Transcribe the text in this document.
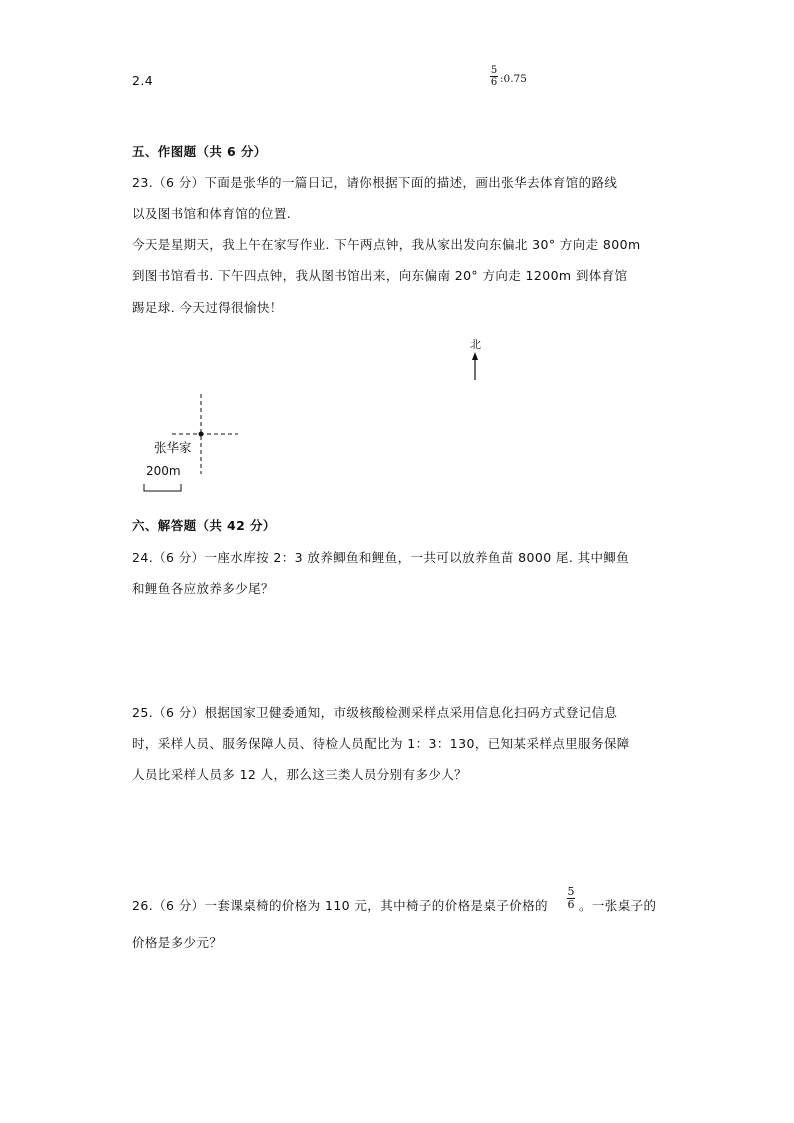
2.4
5
6 :0.75
五、作图题（共 6 分）
23.（6 分）下面是张华的一篇日记，请你根据下面的描述，画出张华去体育馆的路线
以及图书馆和体育馆的位置.
今天是星期天，我上午在家写作业. 下午两点钟，我从家出发向东偏北 30° 方向走 800m
到图书馆看书. 下午四点钟，我从图书馆出来，向东偏南 20° 方向走 1200m 到体育馆
踢足球. 今天过得很愉快！
北
张华家
200m
六、解答题（共 42 分）
24.（6 分）一座水库按 2：3 放养鲫鱼和鲤鱼，一共可以放养鱼苗 8000 尾. 其中鲫鱼
和鲤鱼各应放养多少尾？
25.（6 分）根据国家卫健委通知，市级核酸检测采样点采用信息化扫码方式登记信息
时，采样人员、服务保障人员、待检人员配比为 1：3：130，已知某采样点里服务保障
人员比采样人员多 12 人，那么这三类人员分别有多少人？
26.（6 分）一套课桌椅的价格为 110 元，其中椅子的价格是桌子价格的
5
6 。一张桌子的
价格是多少元？
